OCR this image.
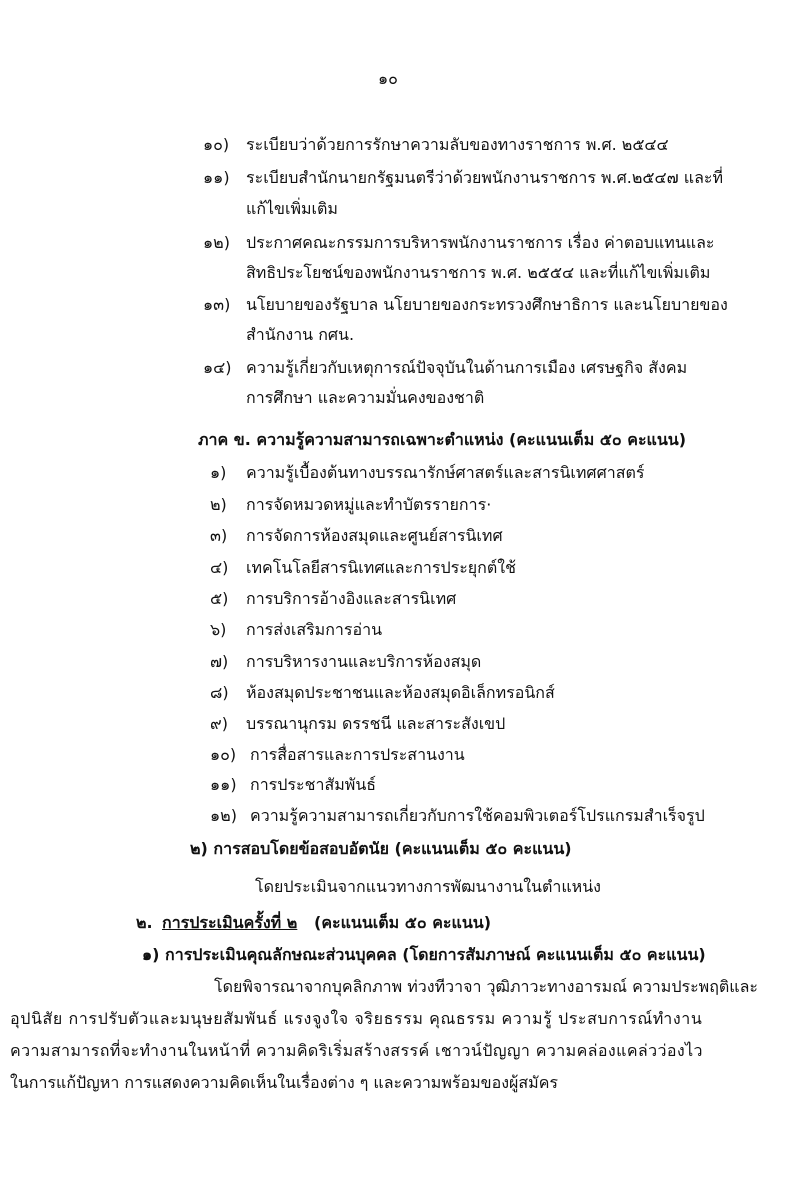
๑๐
๑๐) ระเบียบว่าด้วยการรักษาความลับของทางราชการ พ.ศ. ๒๕๔๔
๑๑) ระเบียบสำนักนายกรัฐมนตรีว่าด้วยพนักงานราชการ พ.ศ.๒๕๔๗ และที่
แก้ไขเพิ่มเติม
๑๒) ประกาศคณะกรรมการบริหารพนักงานราชการ เรื่อง ค่าตอบแทนและ
สิทธิประโยชน์ของพนักงานราชการ พ.ศ. ๒๕๕๔ และที่แก้ไขเพิ่มเติม
๑๓) นโยบายของรัฐบาล นโยบายของกระทรวงศึกษาธิการ และนโยบายของ
สำนักงาน กศน.
๑๔) ความรู้เกี่ยวกับเหตุการณ์ปัจจุบันในด้านการเมือง เศรษฐกิจ สังคม
การศึกษา และความมั่นคงของชาติ
ภาค ข. ความรู้ความสามารถเฉพาะตำแหน่ง (คะแนนเต็ม ๕๐ คะแนน)
๑) ความรู้เบื้องต้นทางบรรณารักษ์ศาสตร์และสารนิเทศศาสตร์
๒) การจัดหมวดหมู่และทำบัตรรายการ·
๓) การจัดการห้องสมุดและศูนย์สารนิเทศ
๔) เทคโนโลยีสารนิเทศและการประยุกต์ใช้
๕) การบริการอ้างอิงและสารนิเทศ
๖) การส่งเสริมการอ่าน
๗) การบริหารงานและบริการห้องสมุด
๘) ห้องสมุดประชาชนและห้องสมุดอิเล็กทรอนิกส์
๙) บรรณานุกรม ดรรชนี และสาระสังเขป
๑๐) การสื่อสารและการประสานงาน
๑๑) การประชาสัมพันธ์
๑๒) ความรู้ความสามารถเกี่ยวกับการใช้คอมพิวเตอร์โปรแกรมสำเร็จรูป
๒) การสอบโดยข้อสอบอัตนัย (คะแนนเต็ม ๕๐ คะแนน)
โดยประเมินจากแนวทางการพัฒนางานในตำแหน่ง
๒. การประเมินครั้งที่ ๒ (คะแนนเต็ม ๕๐ คะแนน)
๑) การประเมินคุณลักษณะส่วนบุคคล (โดยการสัมภาษณ์ คะแนนเต็ม ๕๐ คะแนน)
โดยพิจารณาจากบุคลิกภาพ ท่วงทีวาจา วุฒิภาวะทางอารมณ์ ความประพฤติและ
อุปนิสัย การปรับตัวและมนุษยสัมพันธ์ แรงจูงใจ จริยธรรม คุณธรรม ความรู้ ประสบการณ์ทำงาน
ความสามารถที่จะทำงานในหน้าที่ ความคิดริเริ่มสร้างสรรค์ เชาวน์ปัญญา ความคล่องแคล่วว่องไว
ในการแก้ปัญหา การแสดงความคิดเห็นในเรื่องต่าง ๆ และความพร้อมของผู้สมัคร
